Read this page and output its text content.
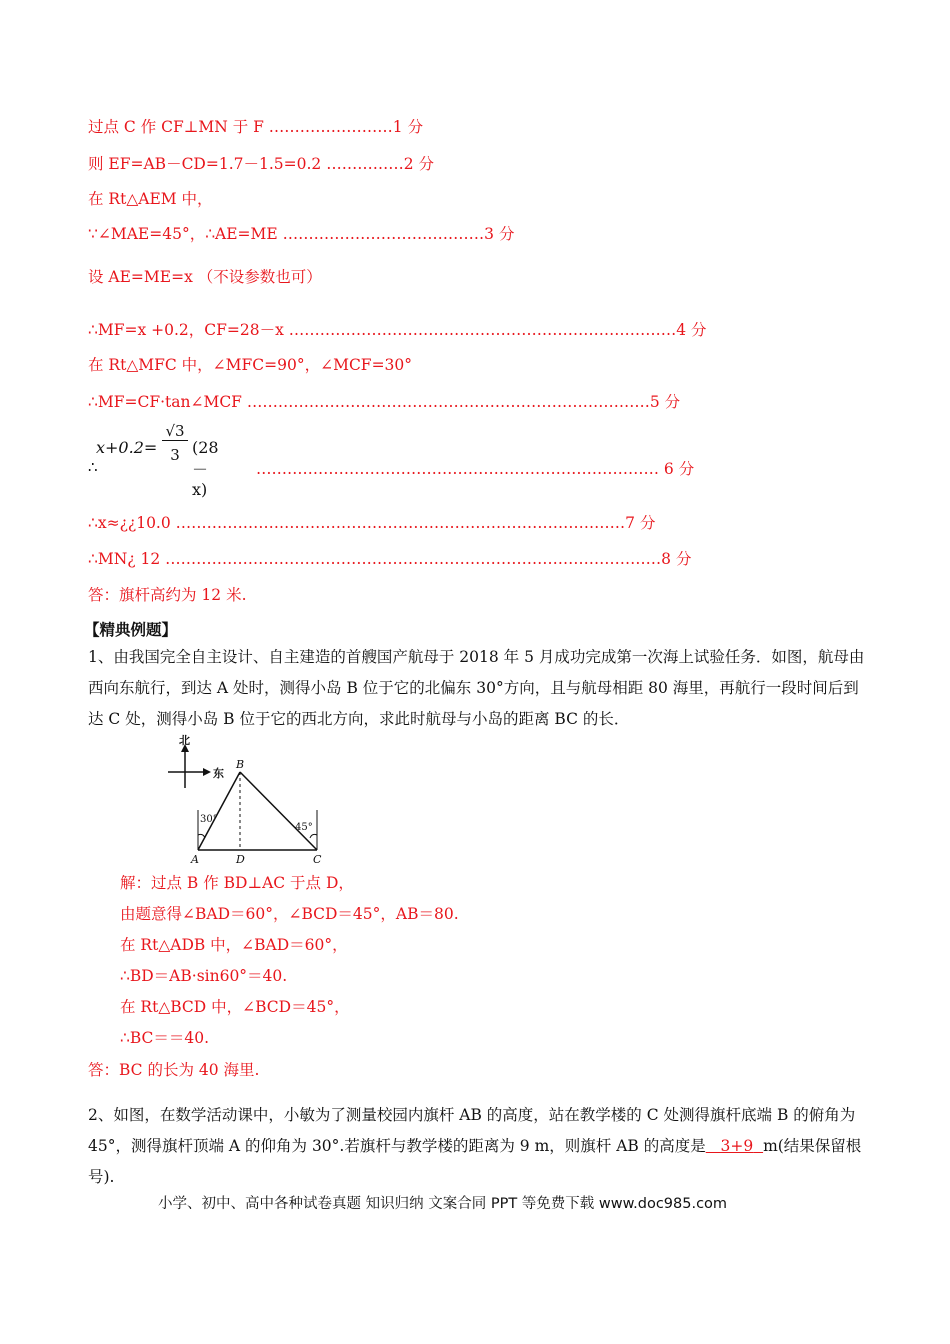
过点 C 作 CF⊥MN 于 F ……………………1 分
则 EF=AB－CD=1.7－1.5=0.2 ……………2 分
在 Rt△AEM 中，
∵∠MAE=45°，∴AE=ME …………………………………3 分
设 AE=ME=x （不设参数也可）
∴MF=x +0.2，CF=28－x …………………………………………………………………4 分
在 Rt△MFC 中，∠MFC=90°，∠MCF=30°
∴MF=CF·tan∠MCF ……………………………………………………………………5 分
x+0.2=
√3
3 (28－x)
∴	…………………………………………………………………… 6 分
∴x≈¿¿10.0 ……………………………………………………………………………7 分
∴MN¿ 12 ……………………………………………………………………………………8 分
答：旗杆高约为 12 米.
【精典例题】
1、由我国完全自主设计、自主建造的首艘国产航母于 2018 年 5 月成功完成第一次海上试验任务．如图，航母由西向东航行，到达 A 处时，测得小岛 B 位于它的北偏东 30°方向，且与航母相距 80 海里，再航行一段时间后到达 C 处，测得小岛 B 位于它的西北方向，求此时航母与小岛的距离 BC 的长．
北
东
30°
45°
B
A	D	C
解：过点 B 作 BD⊥AC 于点 D，
由题意得∠BAD＝60°，∠BCD＝45°，AB＝80.
在 Rt△ADB 中，∠BAD＝60°，
∴BD＝AB·sin60°＝40.
在 Rt△BCD 中，∠BCD＝45°，
∴BC＝＝40.
答：BC 的长为 40 海里.
2、如图，在数学活动课中，小敏为了测量校园内旗杆 AB 的高度，站在教学楼的 C 处测得旗杆底端 B 的俯角为 45°，测得旗杆顶端 A 的仰角为 30°.若旗杆与教学楼的距离为 9 m，则旗杆 AB 的高度是 3+9 m(结果保留根号).
小学、初中、高中各种试卷真题 知识归纳 文案合同 PPT 等免费下载 www.doc985.com
